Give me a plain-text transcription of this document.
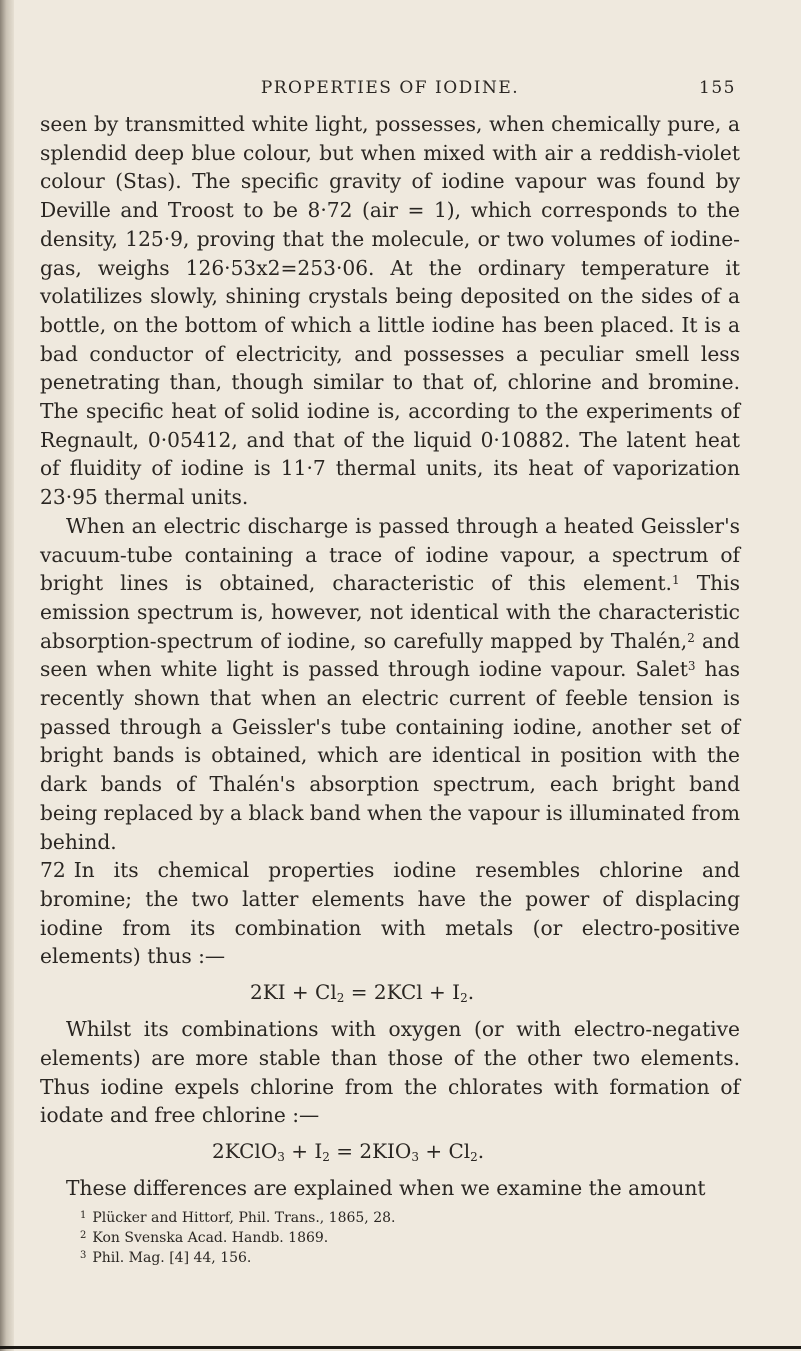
PROPERTIES OF IODINE.	155

seen by transmitted white light, possesses, when chemically pure, a splendid deep blue colour, but when mixed with air a reddish-violet colour (Stas). The specific gravity of iodine vapour was found by Deville and Troost to be 8·72 (air = 1), which corresponds to the density, 125·9, proving that the molecule, or two volumes of iodine-gas, weighs 126·53x2=253·06. At the ordinary temperature it volatilizes slowly, shining crystals being deposited on the sides of a bottle, on the bottom of which a little iodine has been placed. It is a bad conductor of electricity, and possesses a peculiar smell less penetrating than, though similar to that of, chlorine and bromine. The specific heat of solid iodine is, according to the experiments of Regnault, 0·05412, and that of the liquid 0·10882. The latent heat of fluidity of iodine is 11·7 thermal units, its heat of vaporization 23·95 thermal units.

When an electric discharge is passed through a heated Geissler's vacuum-tube containing a trace of iodine vapour, a spectrum of bright lines is obtained, characteristic of this element.$^1$ This emission spectrum is, however, not identical with the characteristic absorption-spectrum of iodine, so carefully mapped by Thalén,$^2$ and seen when white light is passed through iodine vapour. Salet$^3$ has recently shown that when an electric current of feeble tension is passed through a Geissler's tube containing iodine, another set of bright bands is obtained, which are identical in position with the dark bands of Thalén's absorption spectrum, each bright band being replaced by a black band when the vapour is illuminated from behind.

72 In its chemical properties iodine resembles chlorine and bromine; the two latter elements have the power of displacing iodine from its combination with metals (or electro-positive elements) thus :—

$2KI + Cl_2 = 2KCl + I_2$.

Whilst its combinations with oxygen (or with electro-negative elements) are more stable than those of the other two elements. Thus iodine expels chlorine from the chlorates with formation of iodate and free chlorine :—

2KClO$_3$ + $I_2 = 2KIO_3 + Cl_2$.

These differences are explained when we examine the amount

$^1$ Plücker and Hittorf, Phil. Trans., 1865, 28.
$^2$ Kon Svenska Acad. Handb. 1869.
$^3$ Phil. Mag. [4] 44, 156.
